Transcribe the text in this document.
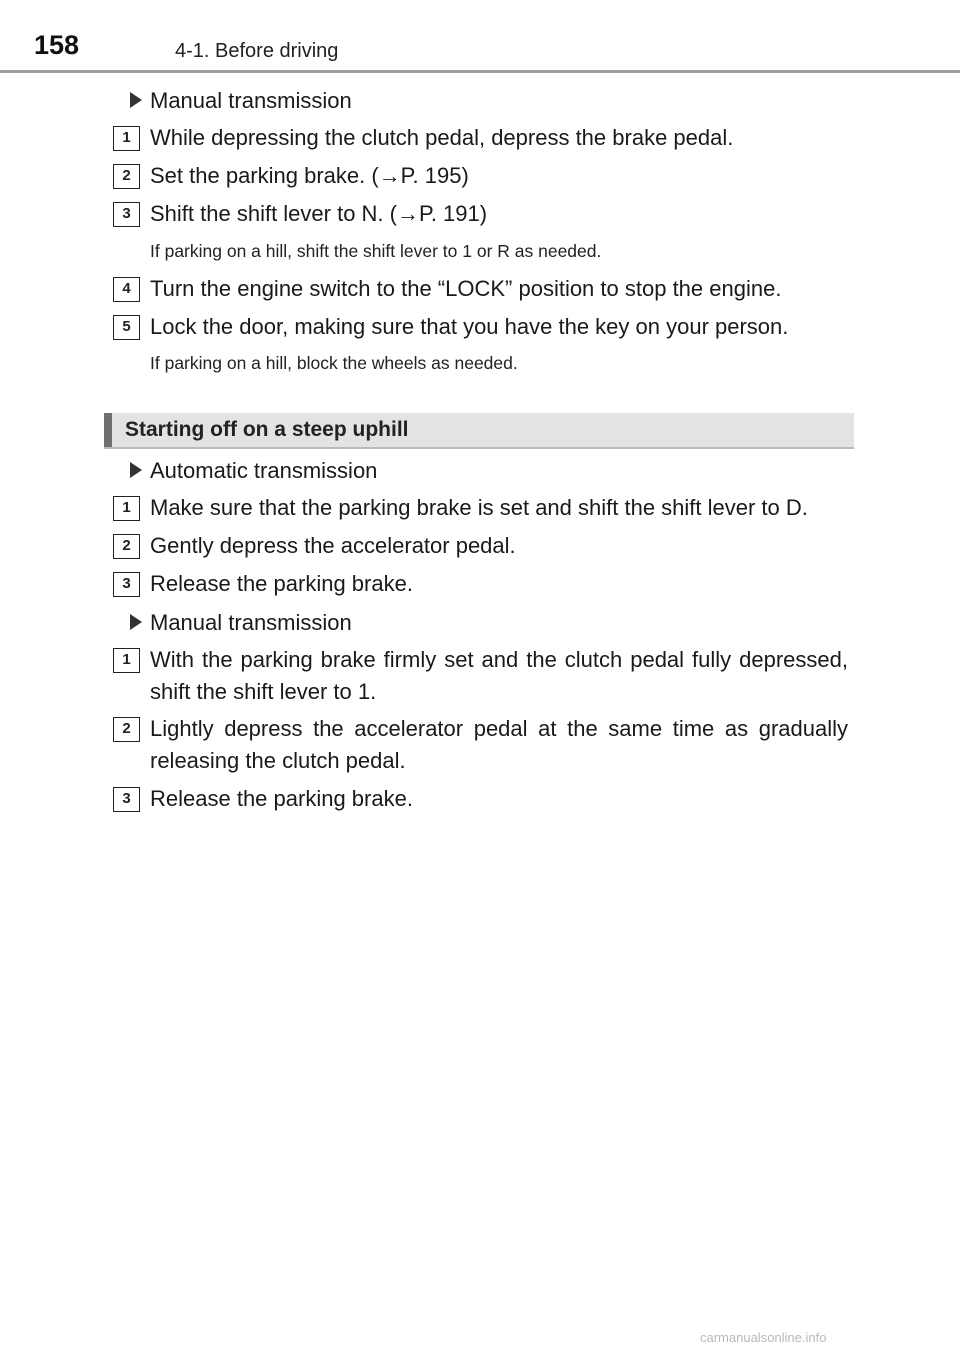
158	4-1. Before driving
Manual transmission
1 While depressing the clutch pedal, depress the brake pedal.
2 Set the parking brake. (→P. 195)
3 Shift the shift lever to N. (→P. 191)
If parking on a hill, shift the shift lever to 1 or R as needed.
4 Turn the engine switch to the “LOCK” position to stop the engine.
5 Lock the door, making sure that you have the key on your person.
If parking on a hill, block the wheels as needed.
Starting off on a steep uphill
Automatic transmission
1 Make sure that the parking brake is set and shift the shift lever to D.
2 Gently depress the accelerator pedal.
3 Release the parking brake.
Manual transmission
1 With the parking brake firmly set and the clutch pedal fully depressed, shift the shift lever to 1.
2 Lightly depress the accelerator pedal at the same time as gradually releasing the clutch pedal.
3 Release the parking brake.
carmanualsonline.info
